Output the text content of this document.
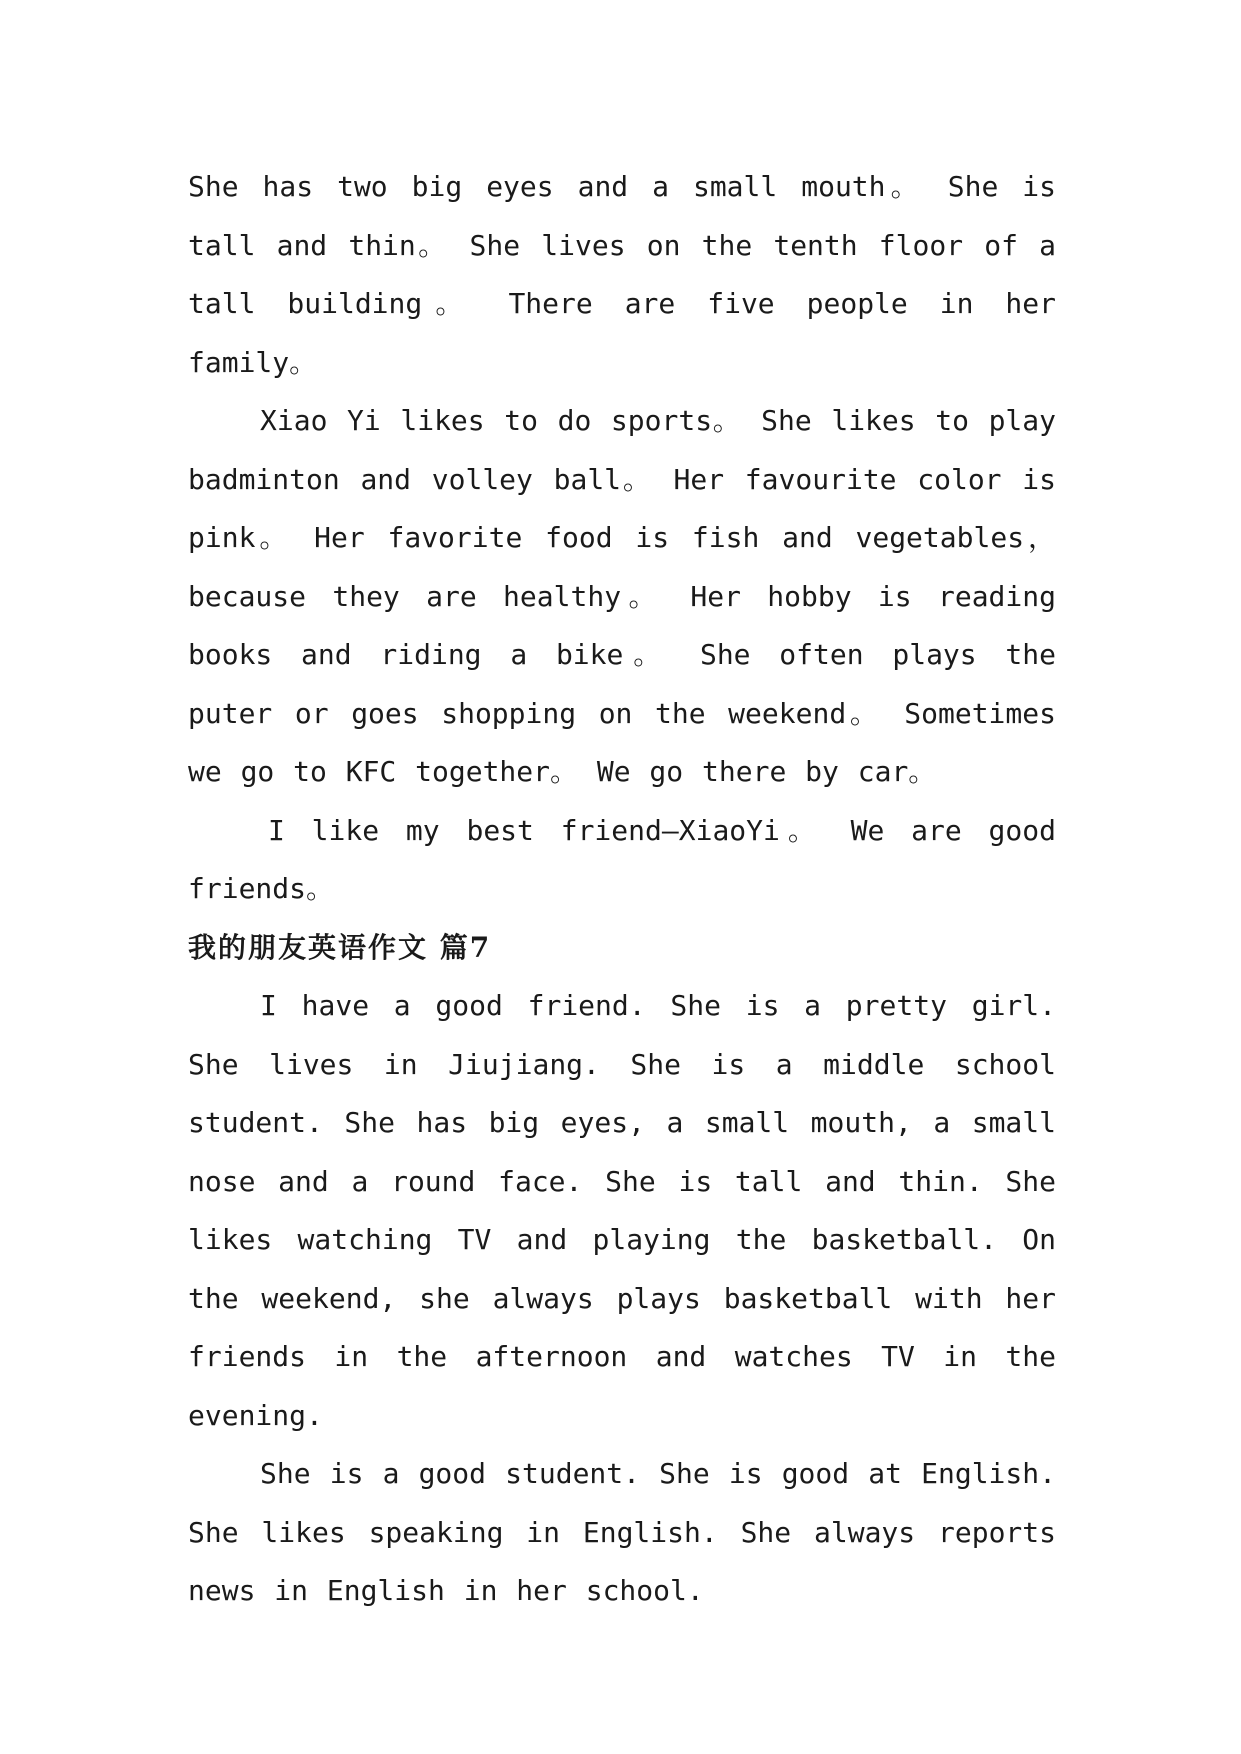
She has two big eyes and a small mouth。 She is tall and thin。 She lives on the tenth floor of a tall building。 There are five people in her family。

Xiao Yi likes to do sports。 She likes to play badminton and volley ball。 Her favourite color is pink。 Her favorite food is fish and vegetables，because they are healthy。 Her hobby is reading books and riding a bike。 She often plays the puter or goes shopping on the weekend。 Sometimes we go to KFC together。 We go there by car。

I like my best friend—XiaoYi。 We are good friends。

我的朋友英语作文 篇7

I have a good friend. She is a pretty girl. She lives in Jiujiang. She is a middle school student. She has big eyes, a small mouth, a small nose and a round face. She is tall and thin. She likes watching TV and playing the basketball. On the weekend, she always plays basketball with her friends in the afternoon and watches TV in the evening.

She is a good student. She is good at English. She likes speaking in English. She always reports news in English in her school.
